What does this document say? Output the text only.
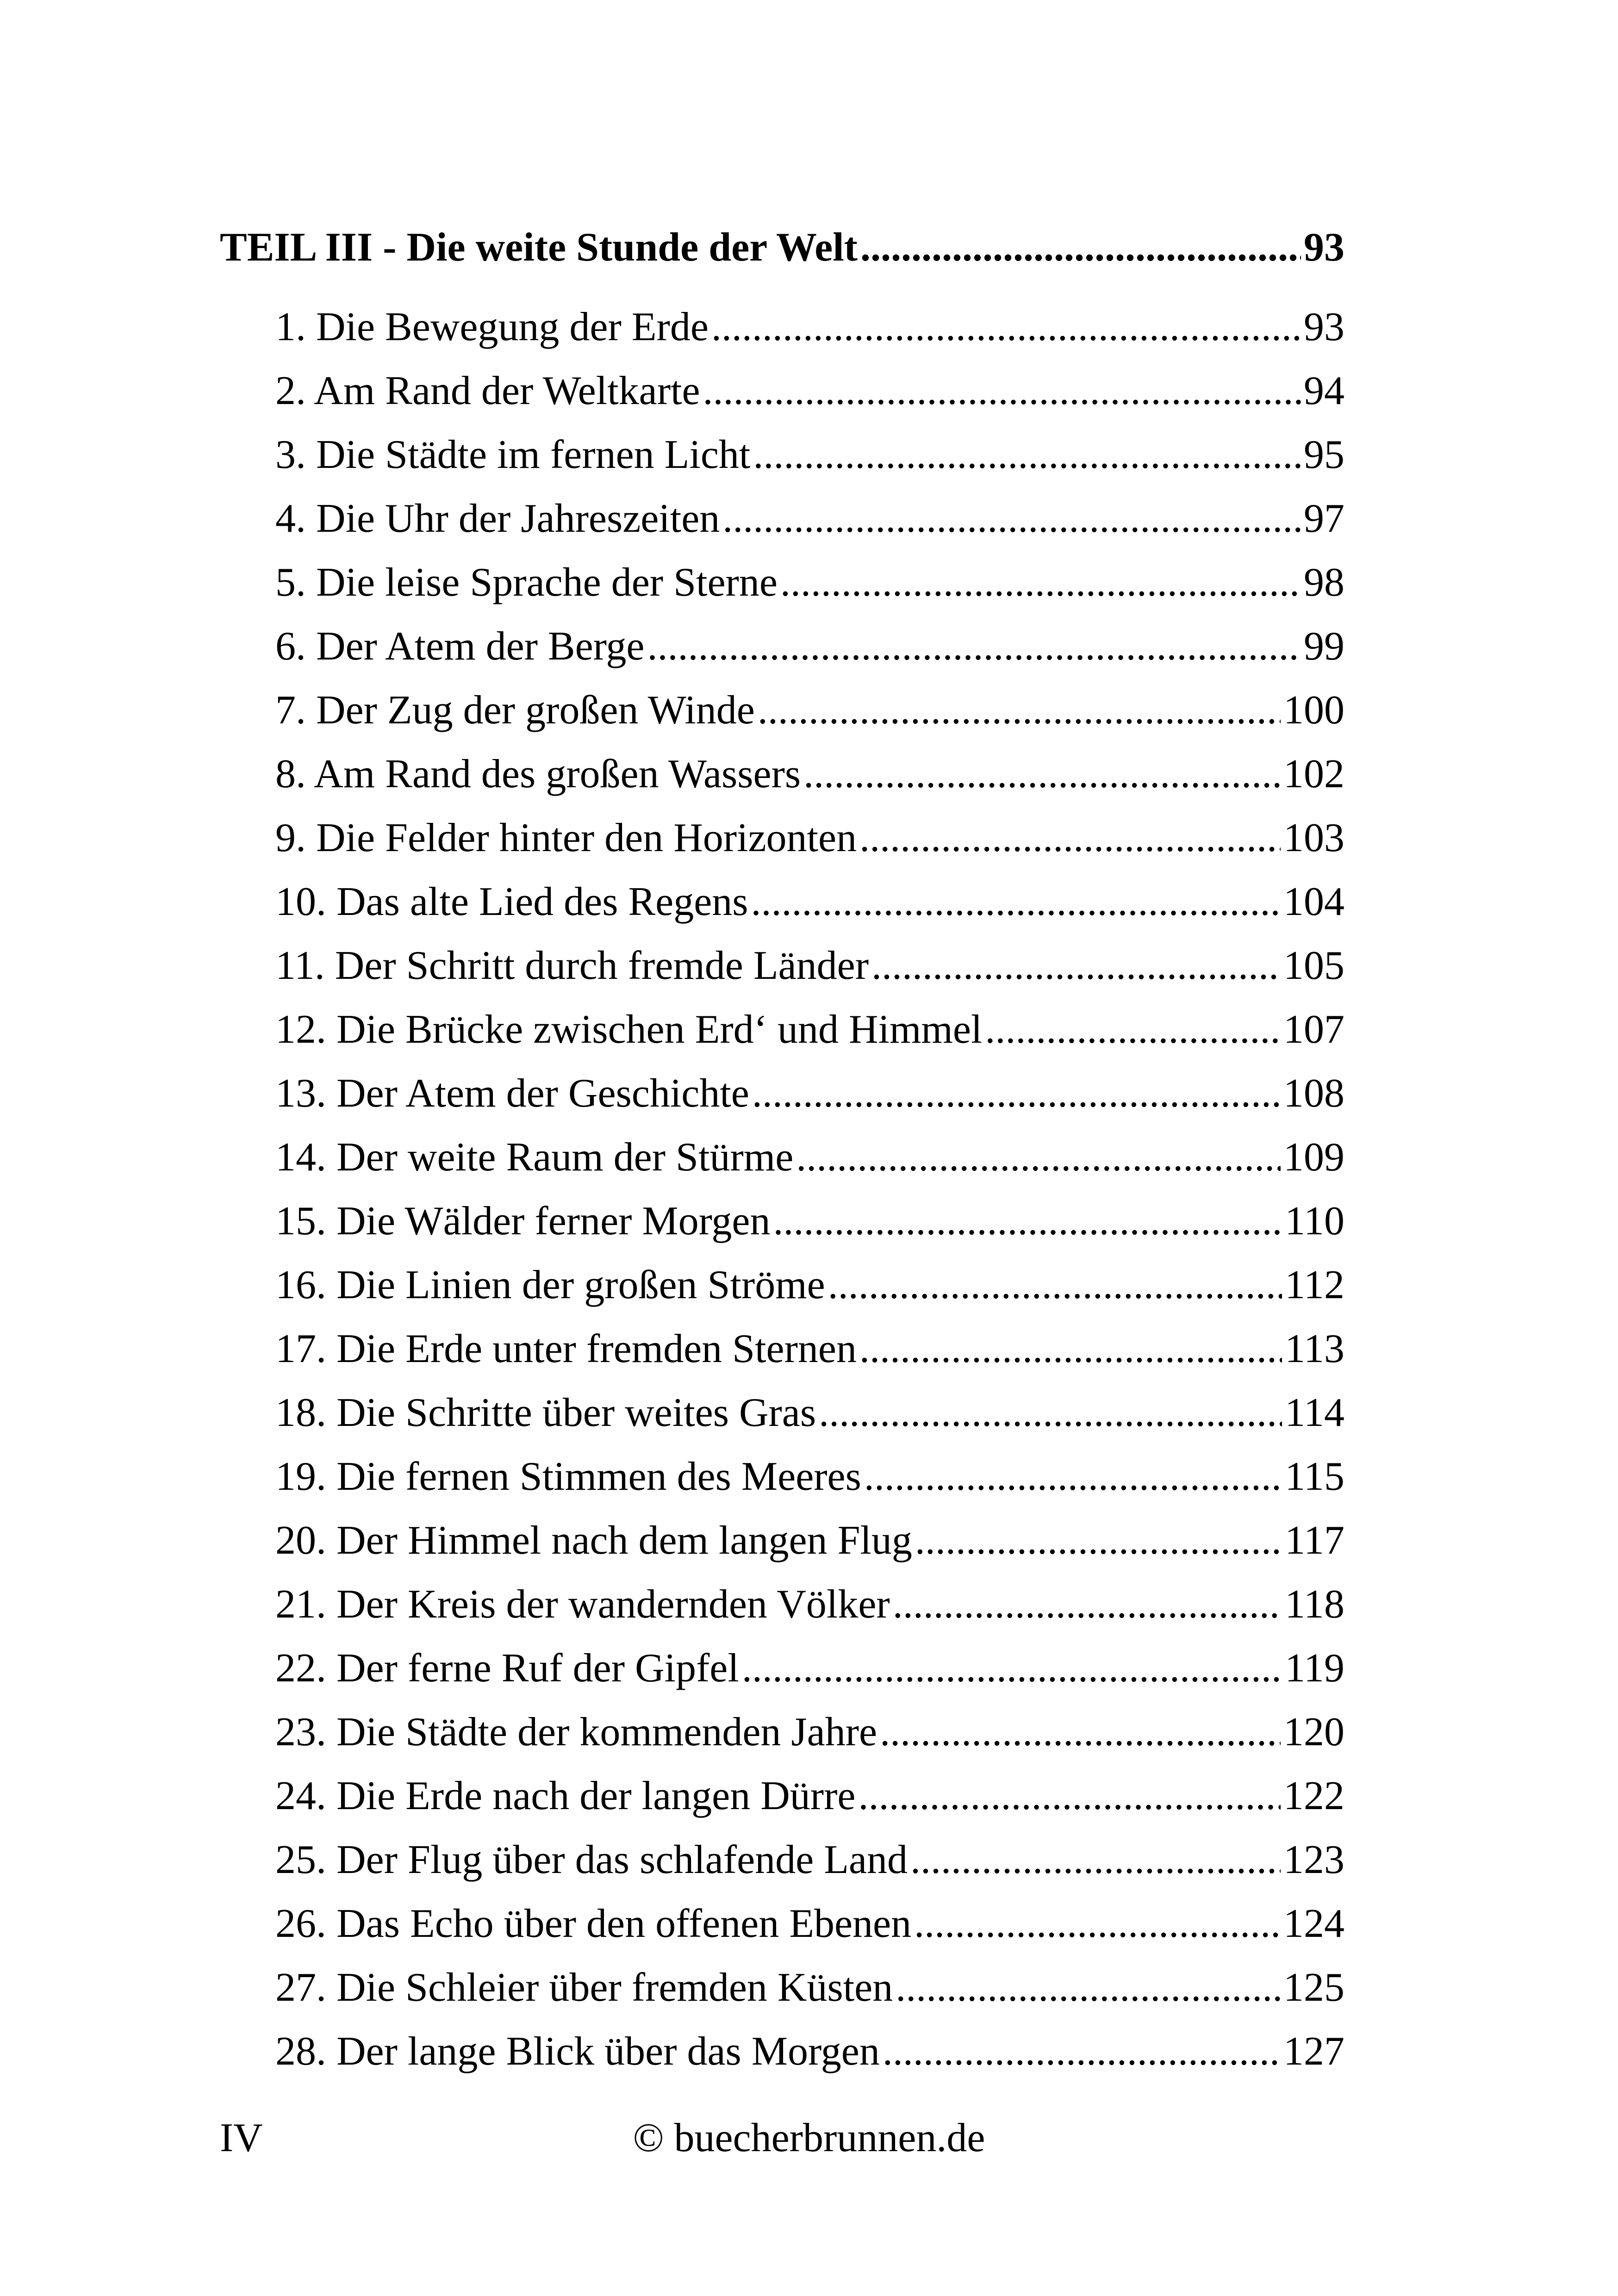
TEIL III - Die weite Stunde der Welt .....	93
1. Die Bewegung der Erde .....	93
2. Am Rand der Weltkarte .....	94
3. Die Städte im fernen Licht .....	95
4. Die Uhr der Jahreszeiten .....	97
5. Die leise Sprache der Sterne .....	98
6. Der Atem der Berge .....	99
7. Der Zug der großen Winde .....	100
8. Am Rand des großen Wassers .....	102
9. Die Felder hinter den Horizonten .....	103
10. Das alte Lied des Regens .....	104
11. Der Schritt durch fremde Länder .....	105
12. Die Brücke zwischen Erd‘ und Himmel .....	107
13. Der Atem der Geschichte .....	108
14. Der weite Raum der Stürme .....	109
15. Die Wälder ferner Morgen .....	110
16. Die Linien der großen Ströme .....	112
17. Die Erde unter fremden Sternen .....	113
18. Die Schritte über weites Gras .....	114
19. Die fernen Stimmen des Meeres .....	115
20. Der Himmel nach dem langen Flug .....	117
21. Der Kreis der wandernden Völker .....	118
22. Der ferne Ruf der Gipfel .....	119
23. Die Städte der kommenden Jahre .....	120
24. Die Erde nach der langen Dürre .....	122
25. Der Flug über das schlafende Land .....	123
26. Das Echo über den offenen Ebenen .....	124
27. Die Schleier über fremden Küsten .....	125
28. Der lange Blick über das Morgen .....	127
IV	© buecherbrunnen.de
